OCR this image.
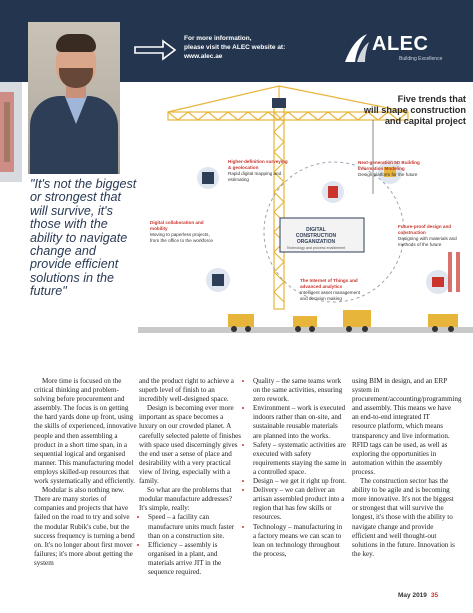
For more information,
please visit the ALEC website at:
www.alec.ae
ALEC
Building Excellence
Five trends that
will shape construction
and capital project
Higher-definition surveying & geolocation
Rapid digital mapping and estimating
Next-generation 5D Building Information Modeling
Design platform for the future
Digital collaboration and mobility
Moving to paperless projects, from the office to the workforce
Future-proof design and construction
Designing with materials and methods of the future
The Internet of Things and advanced analytics
Intelligent asset management and decision making
DIGITAL
CONSTRUCTION
ORGANIZATION
Technology and process enablement
"It's not the biggest or strongest that will survive, it's those with the ability to navigate change and provide efficient solutions in the future"

More time is focused on the critical thinking and problem-solving before procurement and assembly. The focus is on getting the hard yards done up front, using the skills of experienced, innovative people and then assembling a product in a short time span, in a sequential logical and organised manner. This manufacturing model employs skilled-up resources that work systematically and efficiently.

Modular is also nothing new. There are many stories of companies and projects that have failed on the road to try and solve the modular Rubik's cube, but the success frequency is turning a bend on. It's no longer about first mover failures; it's more about getting the system

and the product right to achieve a superb level of finish to an incredibly well-designed space.

Design is becoming ever more important as space becomes a luxury on our crowded planet. A carefully selected palette of finishes with space used discerningly gives the end user a sense of place and desirability with a very practical view of living, especially with a family.

So what are the problems that modular manufacture addresses? It's simple, really:

• Speed – a facility can manufacture units much faster than on a construction site.
• Efficiency – assembly is organised in a plant, and materials arrive JIT in the sequence required.
• Quality – the same teams work on the same activities, ensuring zero rework.
• Environment – work is executed indoors rather than on-site, and sustainable reusable materials are planned into the works.
• Safety – systematic activities are executed with safety requirements staying the same in a controlled space.
• Design – we get it right up front.
• Delivery – we can deliver an artisan assembled product into a region that has few skills or resources.
• Technology – manufacturing in a factory means we can scan to lean on technology throughout the process,

using BIM in design, and an ERP system in procurement/accounting/programming and assembly. This means we have an end-to-end integrated IT resource platform, which means transparency and live information. RFID tags can be used, as well as exploring the opportunities in automation within the assembly process.

The construction sector has the ability to be agile and is becoming more innovative. It's not the biggest or strongest that will survive the longest, it's those with the ability to navigate change and provide efficient and well thought-out solutions in the future. Innovation is the key.

May 2019 35
